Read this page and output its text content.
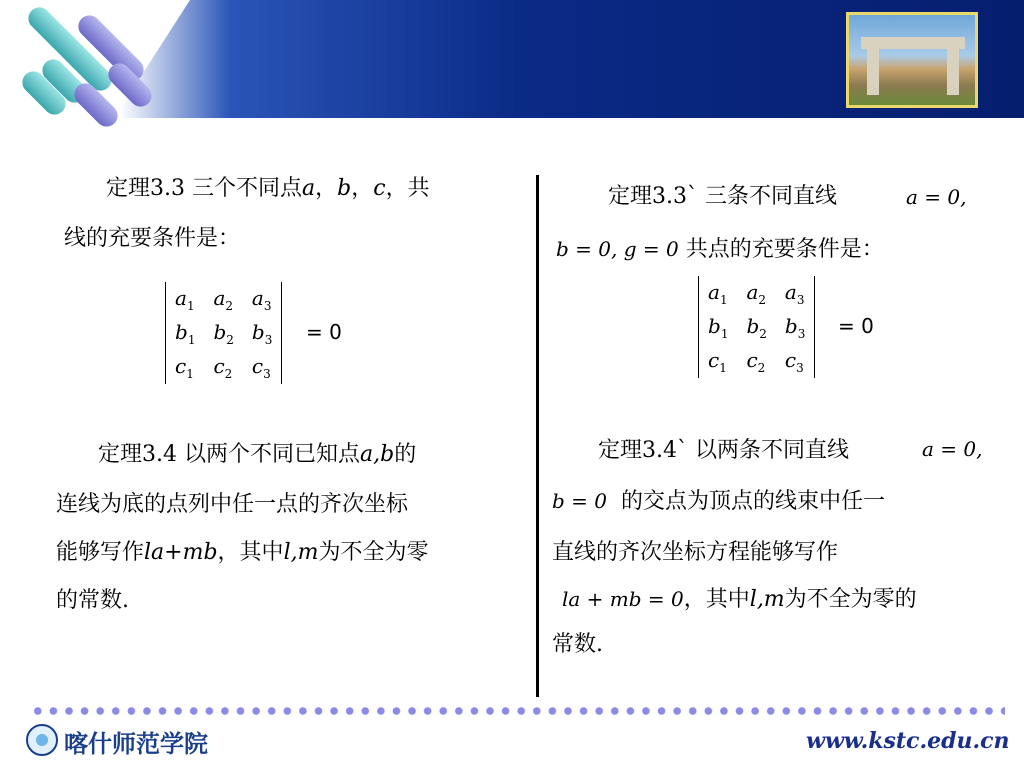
定理3.3 三个不同点a，b，c，共
线的充要条件是：
$a_1$	$a_2$	$a_3$
$b_1$	$b_2$	$b_3$
$c_1$	$c_2$	$c_3$
= 0
定理3.4 以两个不同已知点a,b的
连线为底的点列中任一点的齐次坐标
能够写作la+mb，其中l,m为不全为零
的常数.
定理3.3` 三条不同直线	a = 0,
b = 0, g = 0 共点的充要条件是：
$a_1$	$a_2$	$a_3$
$b_1$	$b_2$	$b_3$
$c_1$	$c_2$	$c_3$
= 0
定理3.4` 以两条不同直线	a = 0,
b = 0 的交点为顶点的线束中任一
直线的齐次坐标方程能够写作
la + mb = 0，其中l,m为不全为零的
常数.
喀什师范学院	www.kstc.edu.cn
